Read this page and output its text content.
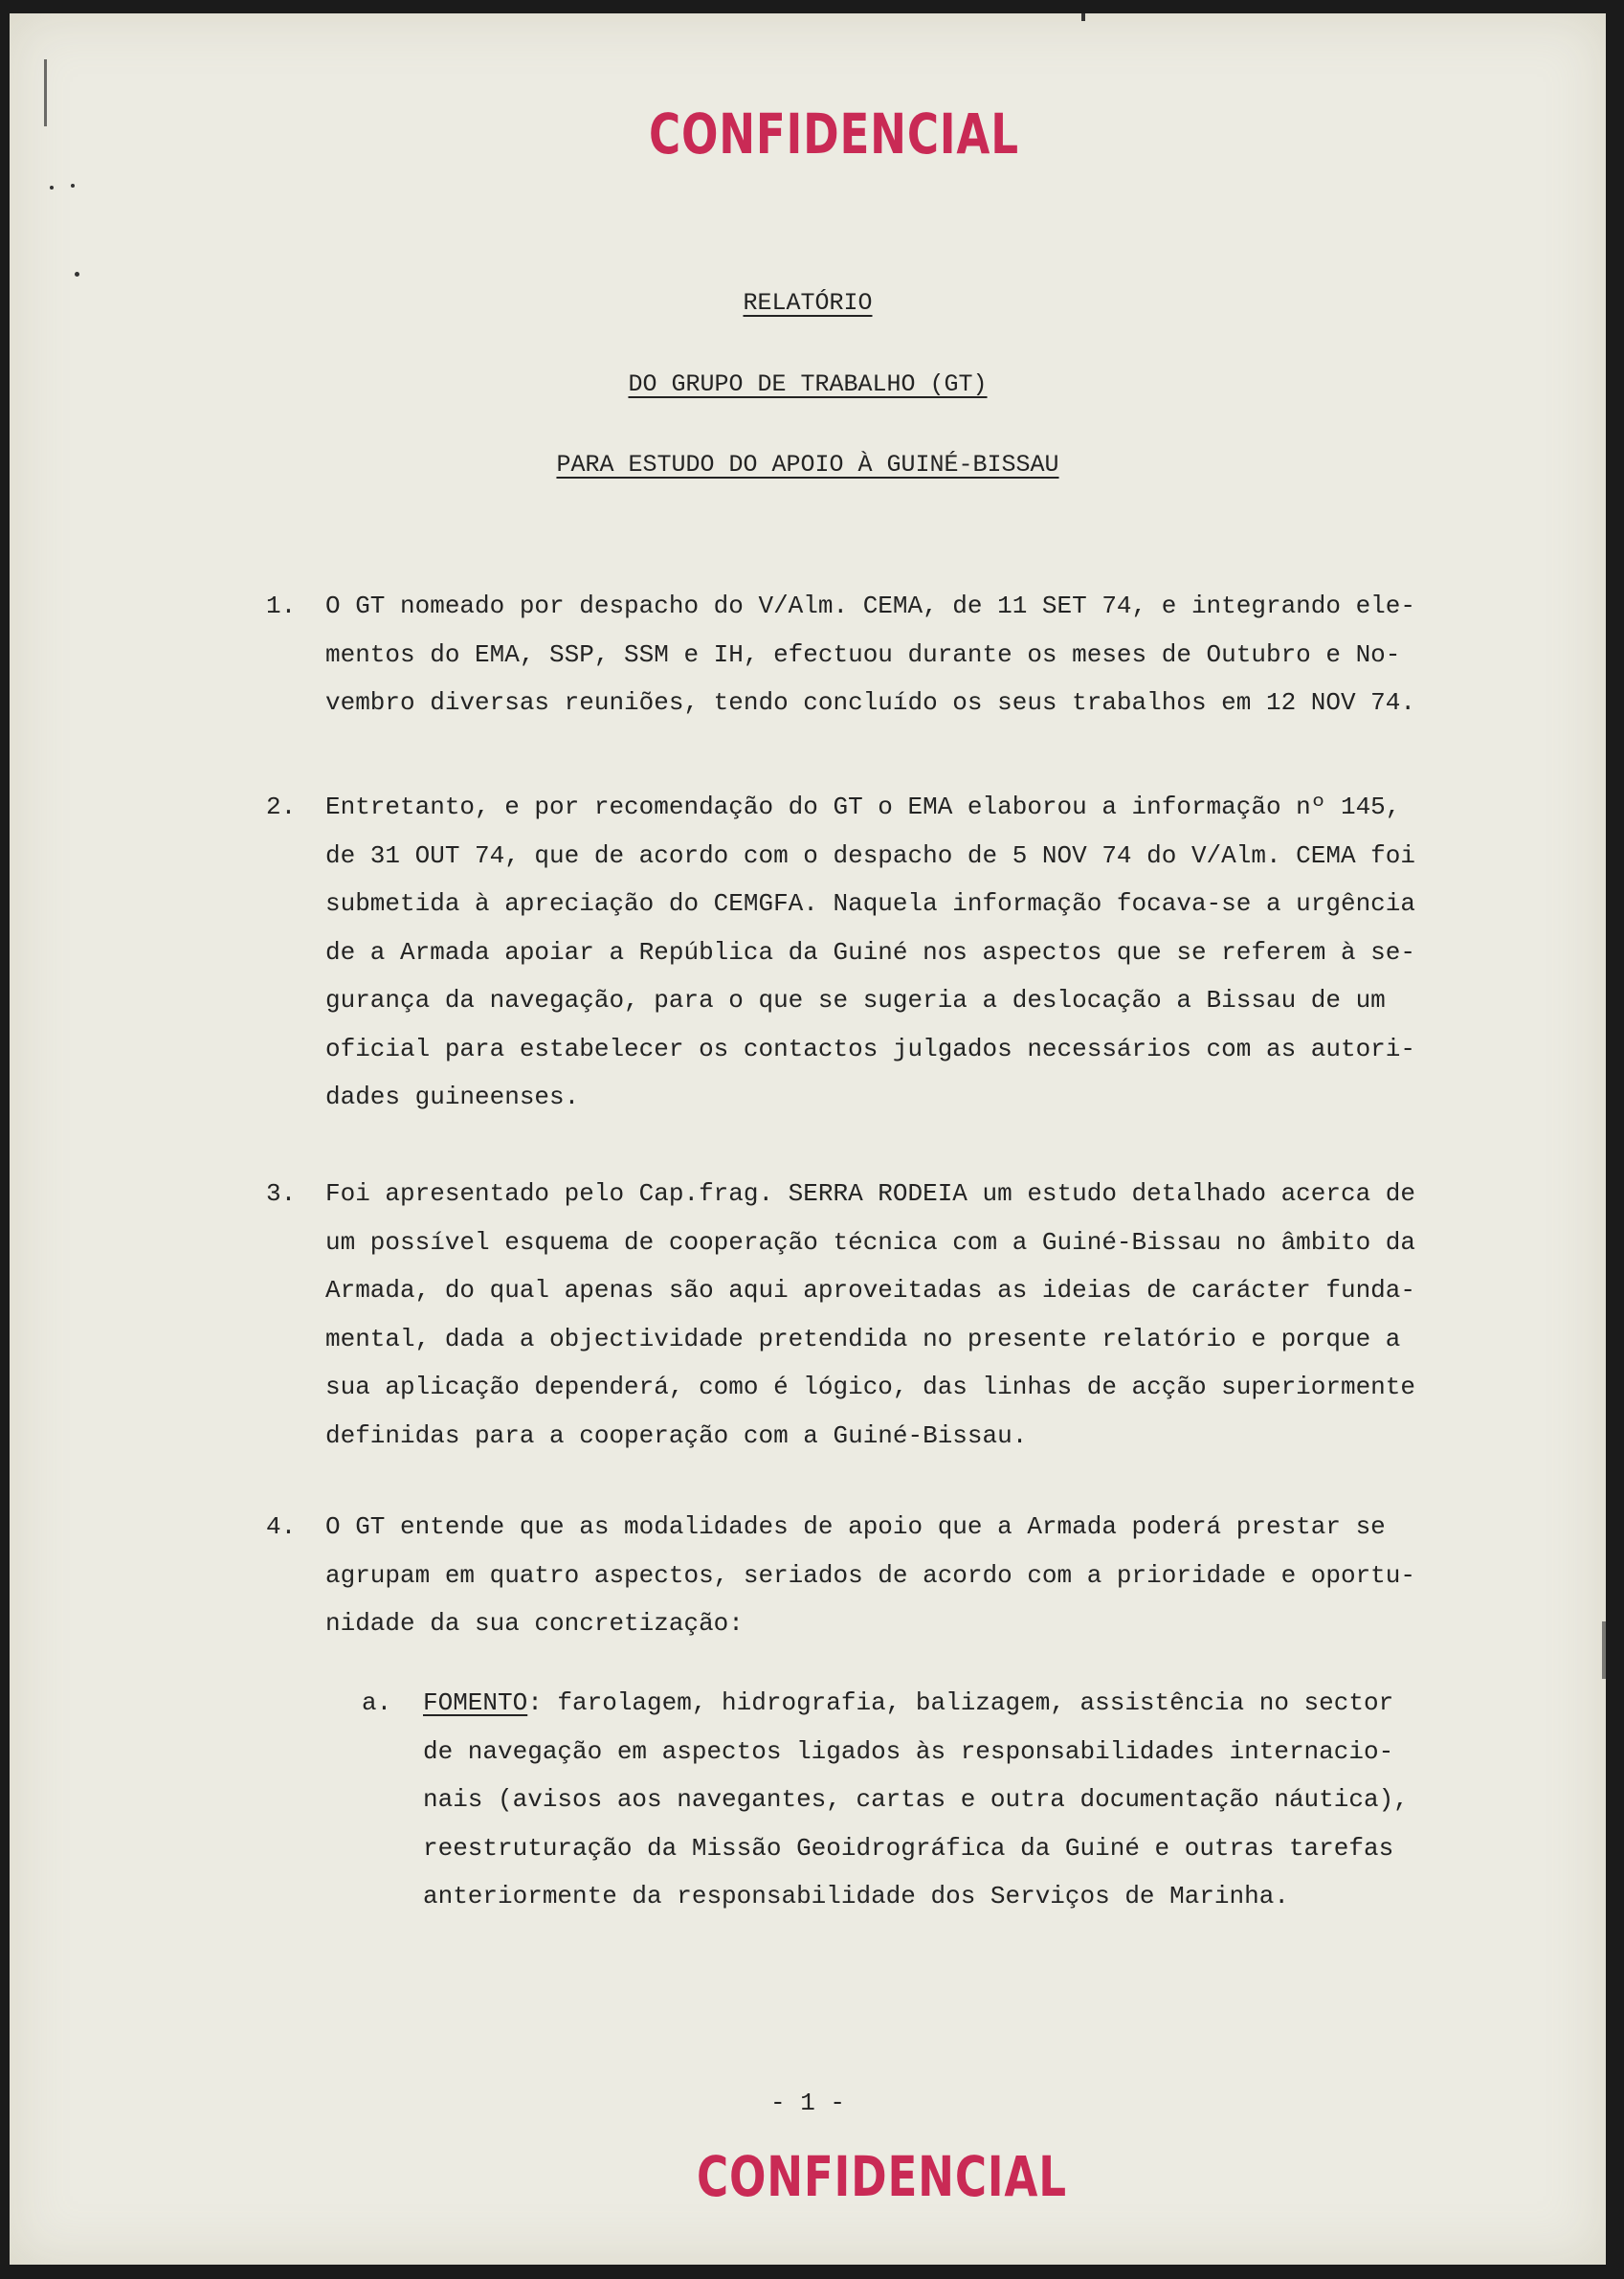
CONFIDENCIAL
RELATÓRIO
DO GRUPO DE TRABALHO (GT)
PARA ESTUDO DO APOIO À GUINÉ-BISSAU
1. O GT nomeado por despacho do V/Alm. CEMA, de 11 SET 74, e integrando ele-
mentos do EMA, SSP, SSM e IH, efectuou durante os meses de Outubro e No-
vembro diversas reuniões, tendo concluído os seus trabalhos em 12 NOV 74.
2. Entretanto, e por recomendação do GT o EMA elaborou a informação nº 145,
de 31 OUT 74, que de acordo com o despacho de 5 NOV 74 do V/Alm. CEMA foi
submetida à apreciação do CEMGFA. Naquela informação focava-se a urgência
de a Armada apoiar a República da Guiné nos aspectos que se referem à se-
gurança da navegação, para o que se sugeria a deslocação a Bissau de um
oficial para estabelecer os contactos julgados necessários com as autori-
dades guineenses.
3. Foi apresentado pelo Cap.frag. SERRA RODEIA um estudo detalhado acerca de
um possível esquema de cooperação técnica com a Guiné-Bissau no âmbito da
Armada, do qual apenas são aqui aproveitadas as ideias de carácter funda-
mental, dada a objectividade pretendida no presente relatório e porque a
sua aplicação dependerá, como é lógico, das linhas de acção superiormente
definidas para a cooperação com a Guiné-Bissau.
4. O GT entende que as modalidades de apoio que a Armada poderá prestar se
agrupam em quatro aspectos, seriados de acordo com a prioridade e oportu-
nidade da sua concretização:
a. FOMENTO: farolagem, hidrografia, balizagem, assistência no sector
de navegação em aspectos ligados às responsabilidades internacio-
nais (avisos aos navegantes, cartas e outra documentação náutica),
reestruturação da Missão Geoidrográfica da Guiné e outras tarefas
anteriormente da responsabilidade dos Serviços de Marinha.
- 1 -
CONFIDENCIAL
